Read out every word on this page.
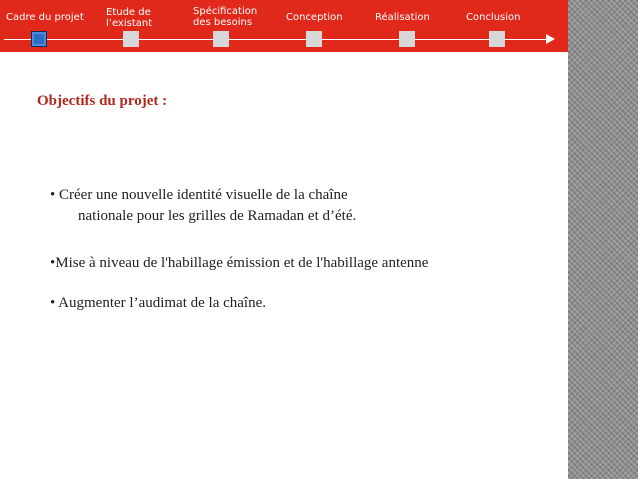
Cadre du projet Etude de l’existant
Spécification des besoins	Conception	Réalisation	Conclusion
Objectifs du projet :
• Créer une nouvelle identité visuelle de la chaîne
nationale pour les grilles de Ramadan et d’été.
•Mise à niveau de l'habillage émission et de l'habillage antenne
• Augmenter l’audimat de la chaîne.
